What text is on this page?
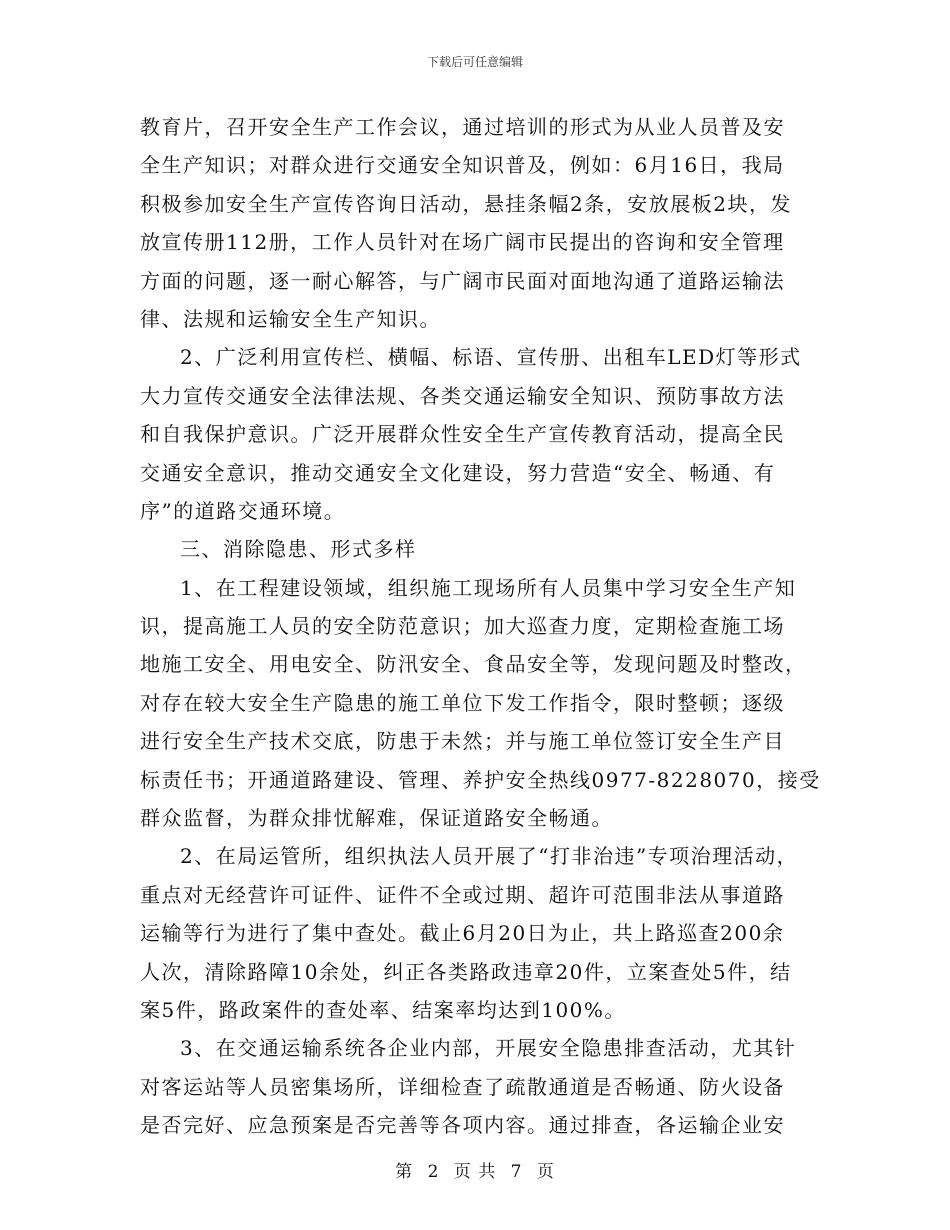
下载后可任意编辑
教育片，召开安全生产工作会议，通过培训的形式为从业人员普及安
全生产知识；对群众进行交通安全知识普及，例如：6月16日，我局
积极参加安全生产宣传咨询日活动，悬挂条幅2条，安放展板2块，发
放宣传册112册，工作人员针对在场广阔市民提出的咨询和安全管理
方面的问题，逐一耐心解答，与广阔市民面对面地沟通了道路运输法
律、法规和运输安全生产知识。
2、广泛利用宣传栏、横幅、标语、宣传册、出租车LED灯等形式
大力宣传交通安全法律法规、各类交通运输安全知识、预防事故方法
和自我保护意识。广泛开展群众性安全生产宣传教育活动，提高全民
交通安全意识，推动交通安全文化建设，努力营造“安全、畅通、有
序”的道路交通环境。
三、消除隐患、形式多样
1、在工程建设领域，组织施工现场所有人员集中学习安全生产知
识，提高施工人员的安全防范意识；加大巡查力度，定期检查施工场
地施工安全、用电安全、防汛安全、食品安全等，发现问题及时整改，
对存在较大安全生产隐患的施工单位下发工作指令，限时整顿；逐级
进行安全生产技术交底，防患于未然；并与施工单位签订安全生产目
标责任书；开通道路建设、管理、养护安全热线0977-8228070，接受
群众监督，为群众排忧解难，保证道路安全畅通。
2、在局运管所，组织执法人员开展了“打非治违”专项治理活动，
重点对无经营许可证件、证件不全或过期、超许可范围非法从事道路
运输等行为进行了集中查处。截止6月20日为止，共上路巡查200余
人次，清除路障10余处，纠正各类路政违章20件，立案查处5件，结
案5件，路政案件的查处率、结案率均达到100%。
3、在交通运输系统各企业内部，开展安全隐患排查活动，尤其针
对客运站等人员密集场所，详细检查了疏散通道是否畅通、防火设备
是否完好、应急预案是否完善等各项内容。通过排查，各运输企业安
第 2 页 共 7 页
